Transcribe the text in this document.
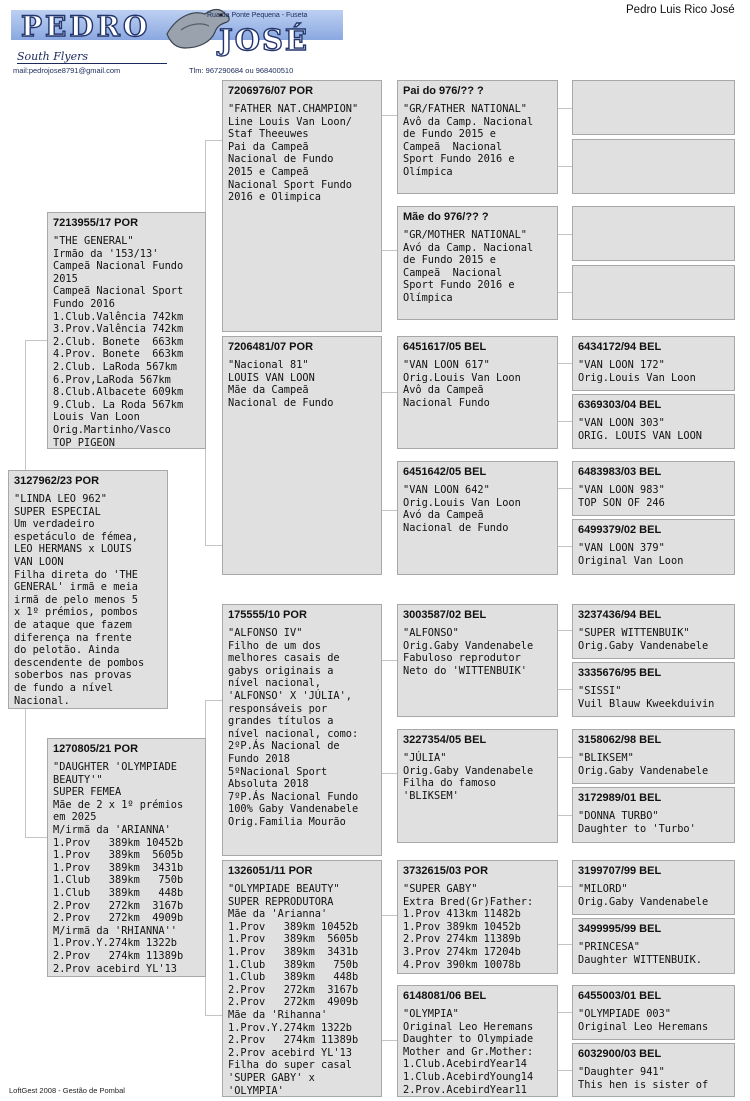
PEDRO	Rua da Ponte Pequena - Fuseta
JOSÉ
South Flyers
mail:pedrojose8791@gmail.com	Tlm: 967290684 ou 968400510
Pedro Luis Rico José
3127962/23 POR
"LINDA LEO 962"
SUPER ESPECIAL
Um verdadeiro
espetáculo de fémea,
LEO HERMANS x LOUIS
VAN LOON
Filha direta do 'THE
GENERAL' irmã e meia
irmã de pelo menos 5
x 1º prémios, pombos
de ataque que fazem
diferença na frente
do pelotão. Ainda
descendente de pombos
soberbos nas provas
de fundo a nível
Nacional.
7213955/17 POR
"THE GENERAL"
Irmão da '153/13'
Campeã Nacional Fundo
2015
Campeã Nacional Sport
Fundo 2016
1.Club.Valência 742km
3.Prov.Valência 742km
2.Club. Bonete  663km
4.Prov. Bonete  663km
2.Club. LaRoda 567km
6.Prov,LaRoda 567km
8.Club.Albacete 609km
9.Club. La Roda 567km
Louis Van Loon
Orig.Martinho/Vasco
TOP PIGEON
1270805/21 POR
"DAUGHTER 'OLYMPIADE
BEAUTY'"
SUPER FEMEA
Mãe de 2 x 1º prémios
em 2025
M/irmã da 'ARIANNA'
1.Prov   389km 10452b
1.Prov   389km  5605b
1.Prov   389km  3431b
1.Club   389km   750b
1.Club   389km   448b
2.Prov   272km  3167b
2.Prov   272km  4909b
M/irmã da 'RHIANNA''
1.Prov.Y.274km 1322b
2.Prov   274km 11389b
2.Prov acebird YL'13
7206976/07 POR
"FATHER NAT.CHAMPION"
Line Louis Van Loon/
Staf Theeuwes
Pai da Campeã
Nacional de Fundo
2015 e Campeã
Nacional Sport Fundo
2016 e Olimpica
7206481/07 POR
"Nacional 81"
LOUIS VAN LOON
Mãe da Campeã
Nacional de Fundo
175555/10 POR
"ALFONSO IV"
Filho de um dos
melhores casais de
gabys originais a
nível nacional,
'ALFONSO' X 'JÚLIA',
responsáveis por
grandes títulos a
nível nacional, como:
2ºP.Ás Nacional de
Fundo 2018
5ºNacional Sport
Absoluta 2018
7ºP.Ás Nacional Fundo
100% Gaby Vandenabele
Orig.Familia Mourão
1326051/11 POR
"OLYMPIADE BEAUTY"
SUPER REPRODUTORA
Mãe da 'Arianna'
1.Prov   389km 10452b
1.Prov   389km  5605b
1.Prov   389km  3431b
1.Club   389km   750b
1.Club   389km   448b
2.Prov   272km  3167b
2.Prov   272km  4909b
Mãe da 'Rihanna'
1.Prov.Y.274km 1322b
2.Prov   274km 11389b
2.Prov acebird YL'13
Filha do super casal
'SUPER GABY' x
'OLYMPIA'
Pai do 976/?? ?
"GR/FATHER NATIONAL"
Avô da Camp. Nacional
de Fundo 2015 e
Campeã  Nacional
Sport Fundo 2016 e
Olímpica
Mãe do 976/?? ?
"GR/MOTHER NATIONAL"
Avó da Camp. Nacional
de Fundo 2015 e
Campeã  Nacional
Sport Fundo 2016 e
Olímpica
6451617/05 BEL
"VAN LOON 617"
Orig.Louis Van Loon
Avô da Campeã
Nacional Fundo
6451642/05 BEL
"VAN LOON 642"
Orig.Louis Van Loon
Avó da Campeã
Nacional de Fundo
3003587/02 BEL
"ALFONSO"
Orig.Gaby Vandenabele
Fabuloso reprodutor
Neto do 'WITTENBUIK'
3227354/05 BEL
"JÚLIA"
Orig.Gaby Vandenabele
Filha do famoso
'BLIKSEM'
3732615/03 POR
"SUPER GABY"
Extra Bred(Gr)Father:
1.Prov 413km 11482b
1.Prov 389km 10452b
2.Prov 274km 11389b
3.Prov 274km 17204b
4.Prov 390km 10078b
6148081/06 BEL
"OLYMPIA"
Original Leo Heremans
Daughter to Olympiade
Mother and Gr.Mother:
1.Club.AcebirdYear14
1.Club.AcebirdYoung14
2.Prov.AcebirdYear11
6434172/94 BEL
"VAN LOON 172"
Orig.Louis Van Loon
6369303/04 BEL
"VAN LOON 303"
ORIG. LOUIS VAN LOON
6483983/03 BEL
"VAN LOON 983"
TOP SON OF 246
6499379/02 BEL
"VAN LOON 379"
Original Van Loon
3237436/94 BEL
"SUPER WITTENBUIK"
Orig.Gaby Vandenabele
3335676/95 BEL
"SISSI"
Vuil Blauw Kweekduivin
3158062/98 BEL
"BLIKSEM"
Orig.Gaby Vandenabele
3172989/01 BEL
"DONNA TURBO"
Daughter to 'Turbo'
3199707/99 BEL
"MILORD"
Orig.Gaby Vandenabele
3499995/99 BEL
"PRINCESA"
Daughter WITTENBUIK.
6455003/01 BEL
"OLYMPIADE 003"
Original Leo Heremans
6032900/03 BEL
"Daughter 941"
This hen is sister of
LoftGest 2008 - Gestão de Pombal
